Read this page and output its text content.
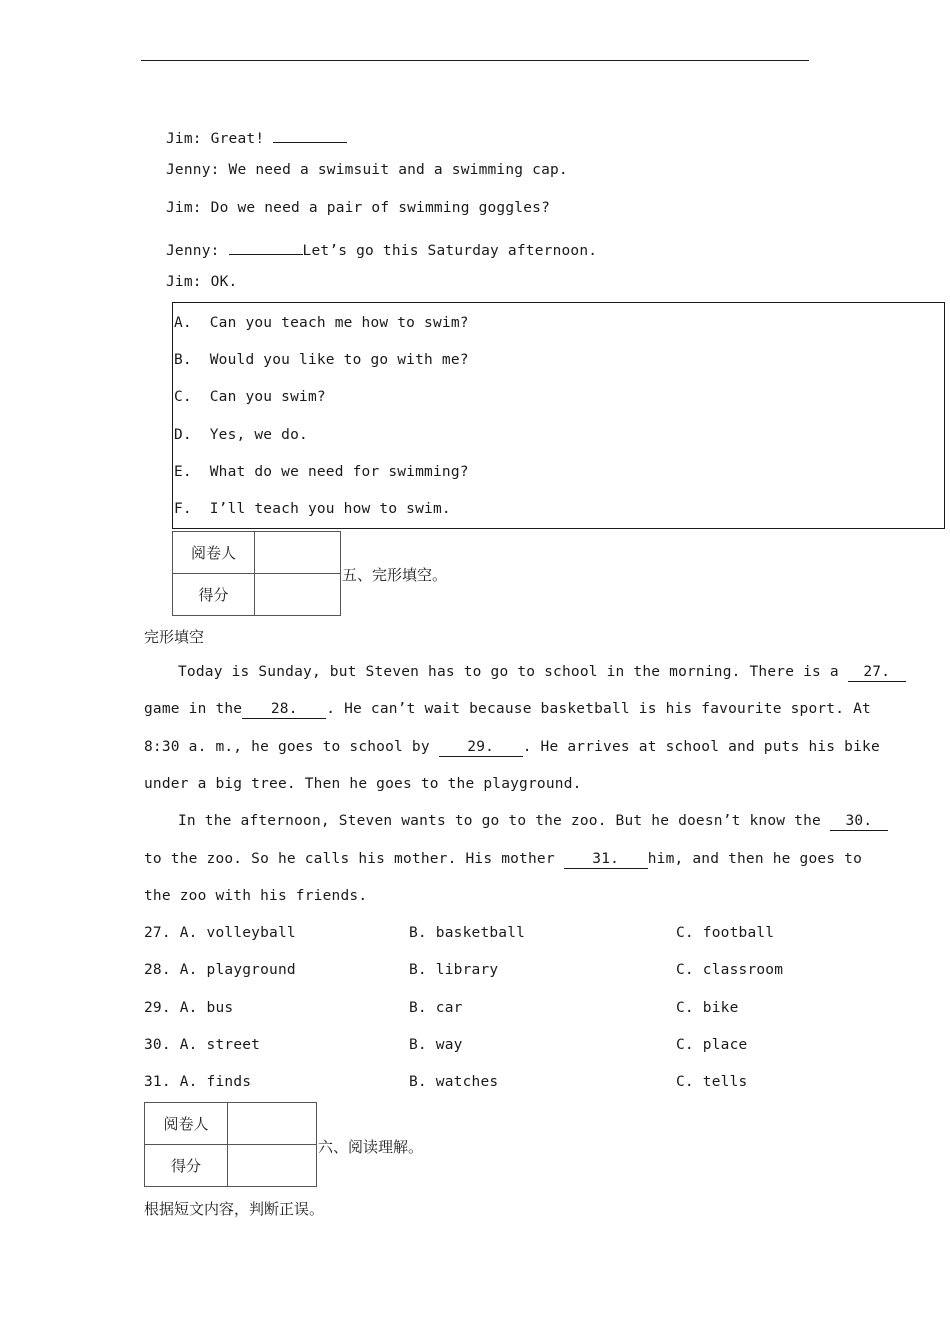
Jim: Great!
Jenny: We need a swimsuit and a swimming cap.
Jim: Do we need a pair of swimming goggles?
Jenny:	Let’s go this Saturday afternoon.
Jim: OK.
A.  Can you teach me how to swim?
B.  Would you like to go with me?
C.  Can you swim?
D.  Yes, we do.
E.  What do we need for swimming?
F.  I’ll teach you how to swim.
阅卷人	
得分	
五、完形填空。
完形填空
Today is Sunday, but Steven has to go to school in the morning. There is a 27.
game in the 28. . He can’t wait because basketball is his favourite sport. At
8:30 a. m., he goes to school by 29. . He arrives at school and puts his bike
under a big tree. Then he goes to the playground.
In the afternoon, Steven wants to go to the zoo. But he doesn’t know the 30.
to the zoo. So he calls his mother. His mother 31. him, and then he goes to
the zoo with his friends.
27. A. volleyball	B. basketball	C. football
28. A. playground	B. library	C. classroom
29. A. bus	B. car	C. bike
30. A. street	B. way	C. place
31. A. finds	B. watches	C. tells
阅卷人	
得分	
六、阅读理解。
根据短文内容，判断正误。
